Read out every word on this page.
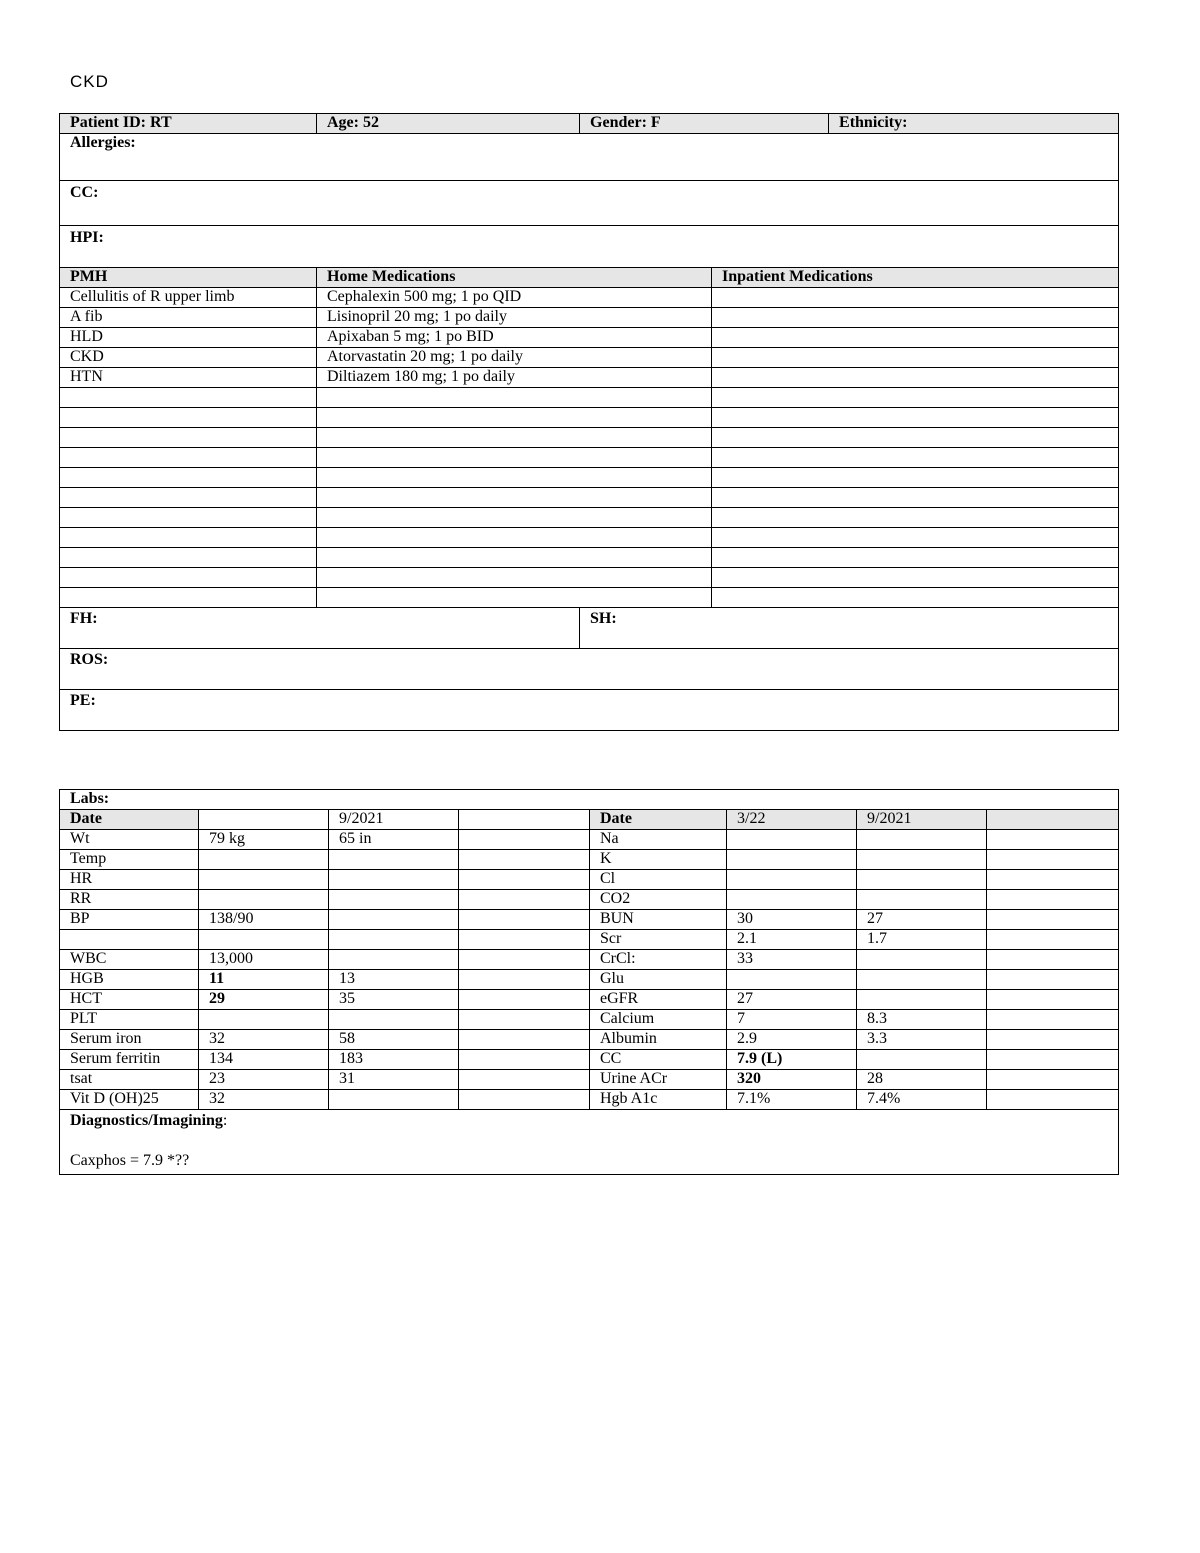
CKD
Patient ID: RT	Age: 52	Gender: F		Ethnicity:
Allergies:				
CC:				
HPI:				
PMH	Home Medications		Inpatient Medications	
Cellulitis of R upper limb	Cephalexin 500 mg; 1 po QID			
A fib	Lisinopril 20 mg; 1 po daily			
HLD	Apixaban 5 mg; 1 po BID			
CKD	Atorvastatin 20 mg; 1 po daily			
HTN	Diltiazem 180 mg; 1 po daily			

FH:		SH:		
ROS:				
PE:				
Labs:							
Date		9/2021		Date	3/22	9/2021	
Wt	79 kg	65 in		Na			
Temp				K			
HR				Cl			
RR				CO2			
BP	138/90			BUN	30	27	
				Scr	2.1	1.7	
WBC	13,000			CrCl:	33		
HGB	11	13		Glu			
HCT	29	35		eGFR	27		
PLT				Calcium	7	8.3	
Serum iron	32	58		Albumin	2.9	3.3	
Serum ferritin	134	183		CC	7.9 (L)		
tsat	23	31		Urine ACr	320	28	
Vit D (OH)25	32			Hgb A1c	7.1%	7.4%	
Diagnostics/Imagining:
Caxphos = 7.9 *??							
